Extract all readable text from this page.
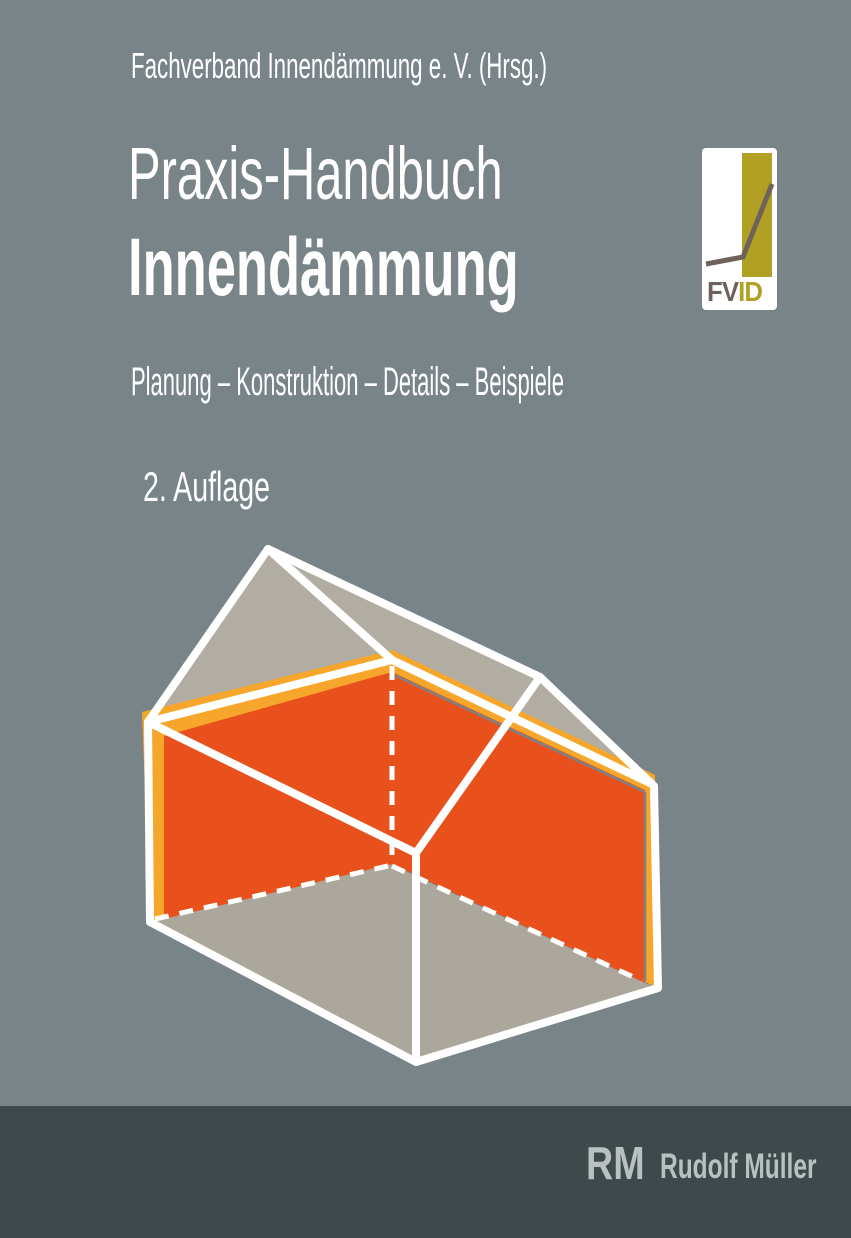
Fachverband Innendämmung e. V. (Hrsg.)
Praxis-Handbuch
Innendämmung
Planung – Konstruktion – Details – Beispiele
2. Auflage
FVID
RM Rudolf Müller
